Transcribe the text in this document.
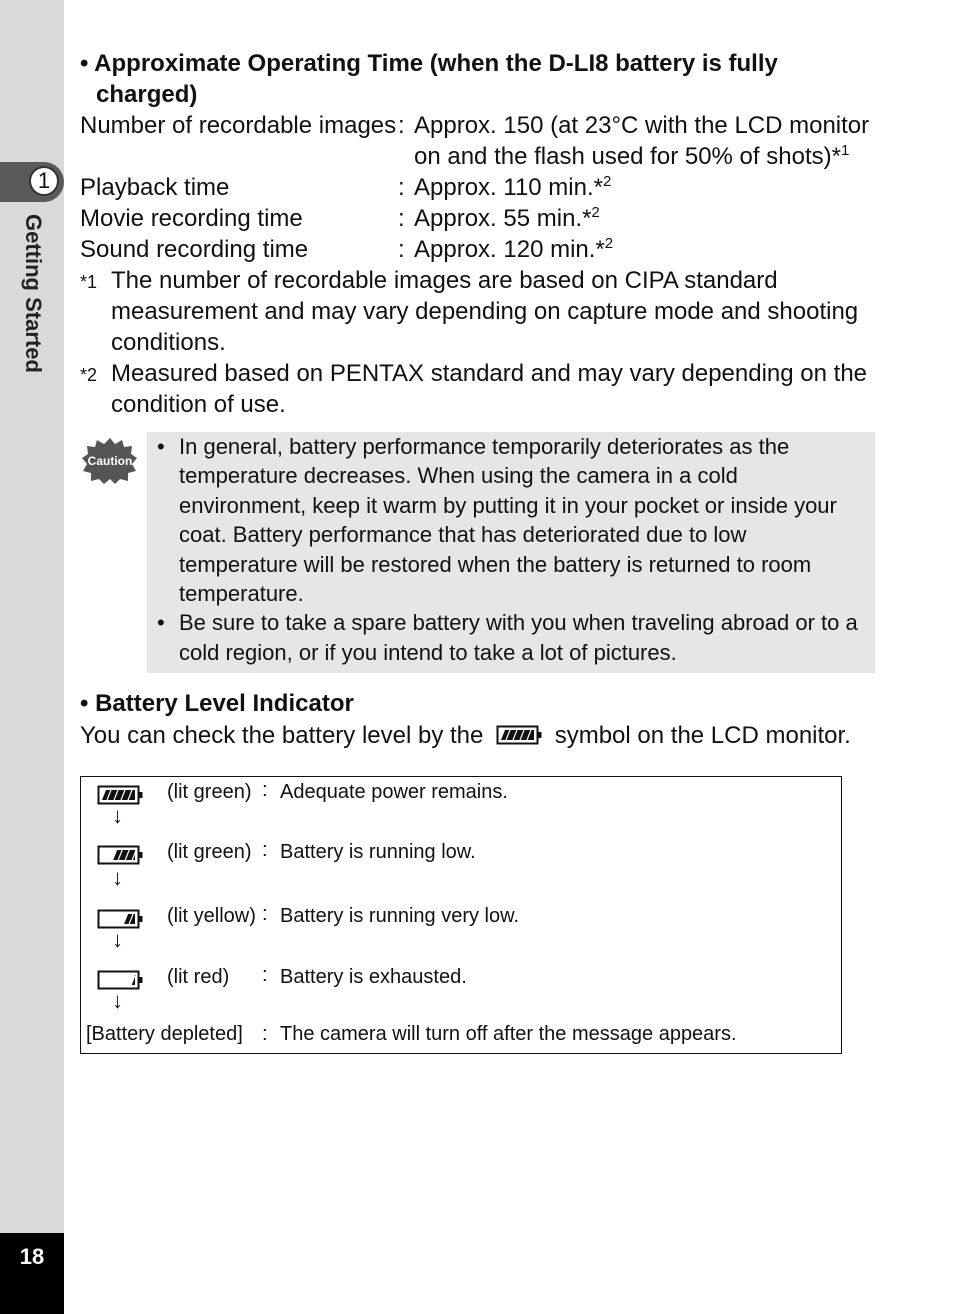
1
Getting Started
18
• Approximate Operating Time (when the D-LI8 battery is fully
charged)
Number of recordable images : Approx. 150 (at 23°C with the LCD monitor
on and the flash used for 50% of shots)*$^1$
Playback time	: Approx. 110 min.*$^2$
Movie recording time	: Approx. 55 min.*$^2$
Sound recording time	: Approx. 120 min.*$^2$
*1 The number of recordable images are based on CIPA standard measurement and may vary depending on capture mode and shooting conditions.
*2 Measured based on PENTAX standard and may vary depending on the condition of use.
Caution
• In general, battery performance temporarily deteriorates as the temperature decreases. When using the camera in a cold environment, keep it warm by putting it in your pocket or inside your coat. Battery performance that has deteriorated due to low temperature will be restored when the battery is returned to room temperature.
• Be sure to take a spare battery with you when traveling abroad or to a cold region, or if you intend to take a lot of pictures.
• Battery Level Indicator
You can check the battery level by the	symbol on the LCD monitor.
(lit green) : Adequate power remains.
↓
(lit green) : Battery is running low.
↓
(lit yellow) : Battery is running very low.
↓
(lit red) : Battery is exhausted.
↓
[Battery depleted] : The camera will turn off after the message appears.
